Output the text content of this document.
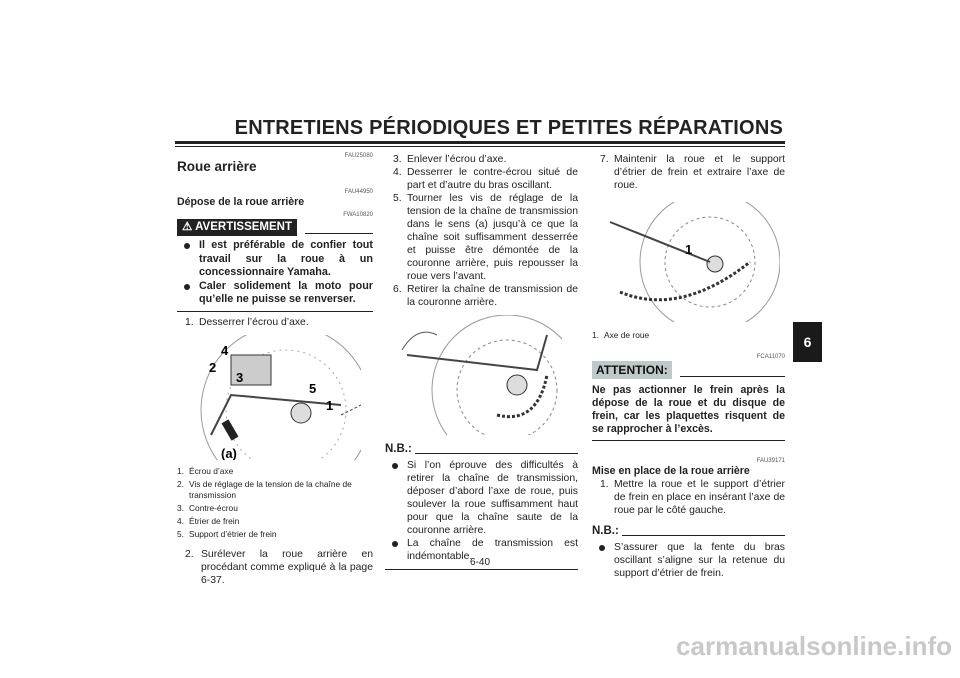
ENTRETIENS PÉRIODIQUES ET PETITES RÉPARATIONS
6
FAU25080
Roue arrière
FAU44950
Dépose de la roue arrière
FWA10820
⚠ AVERTISSEMENT
Il est préférable de confier tout travail sur la roue à un concessionnaire Yamaha.
Caler solidement la moto pour qu’elle ne puisse se renverser.
1. Desserrer l’écrou d’axe.
4
2
3
5
1
(a)
1. Écrou d’axe
2. Vis de réglage de la tension de la chaîne de transmission
3. Contre-écrou
4. Étrier de frein
5. Support d’étrier de frein
2. Surélever la roue arrière en procédant comme expliqué à la page 6-37.
3. Enlever l’écrou d’axe.
4. Desserrer le contre-écrou situé de part et d’autre du bras oscillant.
5. Tourner les vis de réglage de la tension de la chaîne de transmission dans le sens (a) jusqu’à ce que la chaîne soit suffisamment desserrée et puisse être démontée de la couronne arrière, puis repousser la roue vers l’avant.
6. Retirer la chaîne de transmission de la couronne arrière.
N.B.:
Si l’on éprouve des difficultés à retirer la chaîne de transmission, déposer d’abord l’axe de roue, puis soulever la roue suffisamment haut pour que la chaîne saute de la couronne arrière.
La chaîne de transmission est indémontable.
7. Maintenir la roue et le support d’étrier de frein et extraire l’axe de roue.
1
1. Axe de roue
FCA11070
ATTENTION:
Ne pas actionner le frein après la dépose de la roue et du disque de frein, car les plaquettes risquent de se rapprocher à l’excès.
FAU39171
Mise en place de la roue arrière
1. Mettre la roue et le support d’étrier de frein en place en insérant l’axe de roue par le côté gauche.
N.B.:
S’assurer que la fente du bras oscillant s’aligne sur la retenue du support d’étrier de frein.
6-40
carmanualsonline.info
